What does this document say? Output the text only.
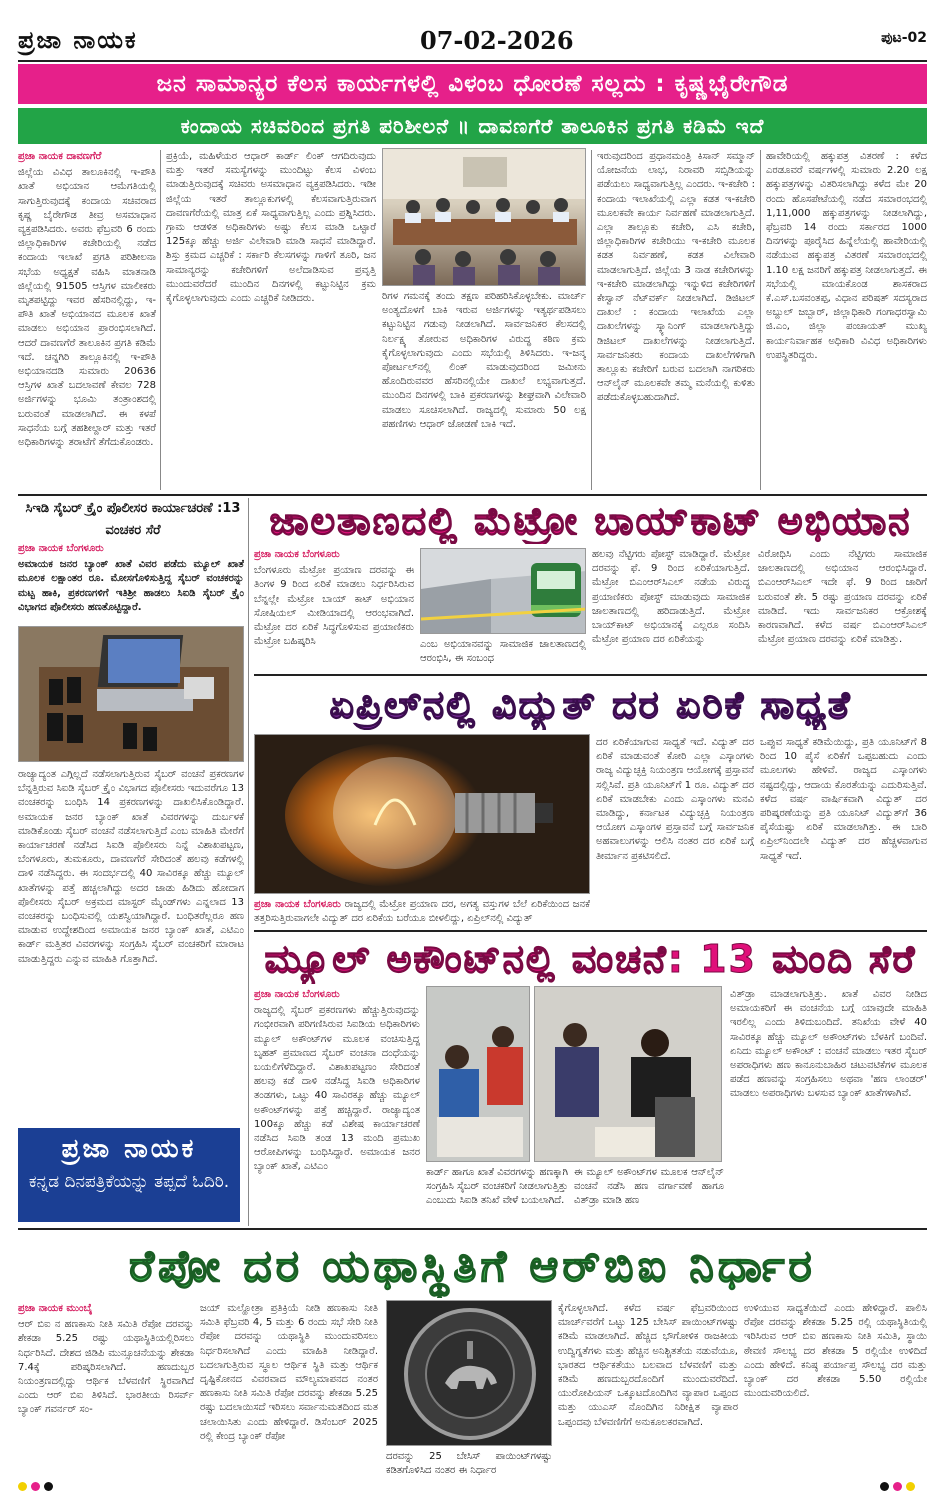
ಪ್ರಜಾ ನಾಯಕ	07-02-2026	ಪುಟ-02
ಜನ ಸಾಮಾನ್ಯರ ಕೆಲಸ ಕಾರ್ಯಗಳಲ್ಲಿ ವಿಳಂಬ ಧೋರಣೆ ಸಲ್ಲದು : ಕೃಷ್ಣಭೈರೇಗೌಡ
ಕಂದಾಯ ಸಚಿವರಿಂದ ಪ್ರಗತಿ ಪರಿಶೀಲನೆ ॥ ದಾವಣಗೆರೆ ತಾಲೂಕಿನ ಪ್ರಗತಿ ಕಡಿಮೆ ಇದೆ
ಪ್ರಜಾ ನಾಯಕ ದಾವಣಗೆರೆ
ಜಿಲ್ಲೆಯ ವಿವಿಧ ತಾಲೂಕಿನಲ್ಲಿ ಇ-ಪೌತಿ ಖಾತೆ ಅಭಿಯಾನ ಆಮೆಗತಿಯಲ್ಲಿ ಸಾಗುತ್ತಿರುವುದಕ್ಕೆ ಕಂದಾಯ ಸಚಿವರಾದ ಕೃಷ್ಣ ಬೈರೇಗೌಡ ತೀವ್ರ ಅಸಮಾಧಾನ ವ್ಯಕ್ತಪಡಿಸಿದರು. ಅವರು ಫೆಬ್ರವರಿ 6 ರಂದು ಜಿಲ್ಲಾಧಿಕಾರಿಗಳ ಕಚೇರಿಯಲ್ಲಿ ನಡೆದ ಕಂದಾಯ ಇಲಾಖೆ ಪ್ರಗತಿ ಪರಿಶೀಲನಾ ಸಭೆಯ ಅಧ್ಯಕ್ಷತೆ ವಹಿಸಿ ಮಾತನಾಡಿ ಜಿಲ್ಲೆಯಲ್ಲಿ 91505 ಆಸ್ತಿಗಳ ಮಾಲೀಕರು ಮೃತಪಟ್ಟಿದ್ದು ಇವರ ಹೆಸರಿನಲ್ಲಿದ್ದು, ಇ-ಪೌತಿ ಖಾತೆ ಅಭಿಯಾನದ ಮೂಲಕ ಖಾತೆ ಮಾಡಲು ಅಭಿಯಾನ ಪ್ರಾರಂಭಿಸಲಾಗಿದೆ. ಆದರೆ ದಾವಣಗೆರೆ ತಾಲೂಕಿನ ಪ್ರಗತಿ ಕಡಿಮೆ ಇದೆ. ಚನ್ನಗಿರಿ ತಾಲ್ಲೂಕಿನಲ್ಲಿ ಇ-ಪೌತಿ ಅಭಿಯಾನದಡಿ ಸುಮಾರು 20636 ಆಸ್ತಿಗಳ ಖಾತೆ ಬದಲಾವಣೆ ಕೇವಲ 728 ಅರ್ಜಿಗಳನ್ನು ಭೂಮಿ ತಂತ್ರಾಂಶದಲ್ಲಿ ಬರುವಂತೆ ಮಾಡಲಾಗಿದೆ. ಈ ಕಳಪೆ ಸಾಧನೆಯ ಬಗ್ಗೆ ತಹಶೀಲ್ದಾರ್ ಮತ್ತು ಇತರೆ ಅಧಿಕಾರಿಗಳನ್ನು ತರಾಟೆಗೆ ತೆಗೆದುಕೊಂಡರು.
ಪ್ರಕ್ರಿಯೆ, ಮಹಿಳೆಯರ ಆಧಾರ್ ಕಾರ್ಡ್ ಲಿಂಕ್ ಆಗದಿರುವುದು ಮತ್ತು ಇತರೆ ಸಮಸ್ಯೆಗಳನ್ನು ಮುಂದಿಟ್ಟು ಕೆಲಸ ವಿಳಂಬ ಮಾಡುತ್ತಿರುವುದಕ್ಕೆ ಸಚಿವರು ಅಸಮಾಧಾನ ವ್ಯಕ್ತಪಡಿಸಿದರು. ಇಡೀ ಜಿಲ್ಲೆಯ ಇತರೆ ತಾಲ್ಲೂಕುಗಳಲ್ಲಿ ಕೆಲಸವಾಗುತ್ತಿರುವಾಗ ದಾವಣಗೆರೆಯಲ್ಲಿ ಮಾತ್ರ ಏಕೆ ಸಾಧ್ಯವಾಗುತ್ತಿಲ್ಲ ಎಂದು ಪ್ರಶ್ನಿಸಿದರು. ಗ್ರಾಮ ಆಡಳಿತ ಅಧಿಕಾರಿಗಳು ಅಷ್ಟು ಕೆಲಸ ಮಾಡಿ ಒಟ್ಟಾರೆ 125ಕ್ಕೂ ಹೆಚ್ಚು ಅರ್ಜಿ ವಿಲೇವಾರಿ ಮಾಡಿ ಸಾಧನೆ ಮಾಡಿದ್ದಾರೆ. ಶಿಸ್ತು ಕ್ರಮದ ಎಚ್ಚರಿಕೆ : ಸರ್ಕಾರಿ ಕೆಲಸಗಳನ್ನು ಗಾಳಿಗೆ ತೂರಿ, ಜನ ಸಾಮಾನ್ಯರನ್ನು ಕಚೇರಿಗಳಿಗೆ ಅಲೆದಾಡಿಸುವ ಪ್ರವೃತ್ತಿ ಮುಂದುವರೆದರೆ ಮುಂದಿನ ದಿನಗಳಲ್ಲಿ ಕಟ್ಟುನಿಟ್ಟಿನ ಕ್ರಮ ಕೈಗೊಳ್ಳಲಾಗುವುದು ಎಂದು ಎಚ್ಚರಿಕೆ ನೀಡಿದರು.	ರಿಗಳ ಗಮನಕ್ಕೆ ತಂದು ತಕ್ಷಣ ಪರಿಹರಿಸಿಕೊಳ್ಳಬೇಕು. ಮಾರ್ಚ್ ಅಂತ್ಯದೊಳಗೆ ಬಾಕಿ ಇರುವ ಅರ್ಜಿಗಳನ್ನು ಇತ್ಯರ್ಥಪಡಿಸಲು ಕಟ್ಟುನಿಟ್ಟಿನ ಗಡುವು ನೀಡಲಾಗಿದೆ. ಸಾರ್ವಜನಿಕರ ಕೆಲಸದಲ್ಲಿ ನಿರ್ಲಕ್ಷ್ಯ ತೋರುವ ಅಧಿಕಾರಿಗಳ ವಿರುದ್ಧ ಕಠಿಣ ಕ್ರಮ ಕೈಗೊಳ್ಳಲಾಗುವುದು ಎಂದು ಸಭೆಯಲ್ಲಿ ತಿಳಿಸಿದರು. ಇ-ಜನ್ಮ ಪೋರ್ಟಲ್‌ನಲ್ಲಿ ಲಿಂಕ್ ಮಾಡುವುದರಿಂದ ಜಮೀನು ಹೊಂದಿರುವವರ ಹೆಸರಿನಲ್ಲಿಯೇ ದಾಖಲೆ ಲಭ್ಯವಾಗುತ್ತದೆ. ಮುಂದಿನ ದಿನಗಳಲ್ಲಿ ಬಾಕಿ ಪ್ರಕರಣಗಳನ್ನು ಶೀಘ್ರವಾಗಿ ವಿಲೇವಾರಿ ಮಾಡಲು ಸೂಚಿಸಲಾಗಿದೆ. ರಾಜ್ಯದಲ್ಲಿ ಸುಮಾರು 50 ಲಕ್ಷ ಪಹಣಿಗಳು ಆಧಾರ್ ಜೋಡಣೆ ಬಾಕಿ ಇದೆ.
ಇರುವುದರಿಂದ ಪ್ರಧಾನಮಂತ್ರಿ ಕಿಸಾನ್ ಸಮ್ಮಾನ್ ಯೋಜನೆಯ ಲಾಭ, ನಿರಾವರಿ ಸಬ್ಸಿಡಿಯನ್ನು ಪಡೆಯಲು ಸಾಧ್ಯವಾಗುತ್ತಿಲ್ಲ ಎಂದರು. ಇ-ಕಚೇರಿ : ಕಂದಾಯ ಇಲಾಖೆಯಲ್ಲಿ ಎಲ್ಲಾ ಕಡತ ಇ-ಕಚೇರಿ ಮೂಲಕವೇ ಕಾರ್ಯ ನಿರ್ವಹಣೆ ಮಾಡಲಾಗುತ್ತಿದೆ. ಎಲ್ಲಾ ತಾಲ್ಲೂಕು ಕಚೇರಿ, ಎಸಿ ಕಚೇರಿ, ಜಿಲ್ಲಾಧಿಕಾರಿಗಳ ಕಚೇರಿಯು ಇ-ಕಚೇರಿ ಮೂಲಕ ಕಡತ ನಿರ್ವಹಣೆ, ಕಡತ ವಿಲೇವಾರಿ ಮಾಡಲಾಗುತ್ತಿದೆ. ಜಿಲ್ಲೆಯ 3 ನಾಡ ಕಚೇರಿಗಳನ್ನು ಇ-ಕಚೇರಿ ಮಾಡಲಾಗಿದ್ದು ಇನ್ನುಳಿದ ಕಚೇರಿಗಳಿಗೆ ಕೇಸ್ವಾನ್ ನೆಟ್‌ವರ್ಕ್ ನೀಡಲಾಗಿದೆ. ಡಿಜಿಟಲ್ ದಾಖಲೆ : ಕಂದಾಯ ಇಲಾಖೆಯ ಎಲ್ಲಾ ದಾಖಲೆಗಳನ್ನು ಸ್ಕ್ಯಾನಿಂಗ್ ಮಾಡಲಾಗುತ್ತಿದ್ದು ಡಿಜಿಟಲ್ ದಾಖಲೆಗಳನ್ನು ನೀಡಲಾಗುತ್ತಿದೆ. ಸಾರ್ವಜನಿಕರು ಕಂದಾಯ ದಾಖಲೆಗಳಿಗಾಗಿ ತಾಲ್ಲೂಕು ಕಚೇರಿಗೆ ಬರುವ ಬದಲಾಗಿ ನಾಗರಿಕರು ಆನ್‌ಲೈನ್ ಮೂಲಕವೇ ತಮ್ಮ ಮನೆಯಲ್ಲಿ ಕುಳಿತು ಪಡೆದುಕೊಳ್ಳಬಹುದಾಗಿದೆ.
ಹಾವೇರಿಯಲ್ಲಿ ಹಕ್ಕುಪತ್ರ ವಿತರಣೆ : ಕಳೆದ ಎರಡೂವರೆ ವರ್ಷಗಳಲ್ಲಿ ಸುಮಾರು 2.20 ಲಕ್ಷ ಹಕ್ಕುಪತ್ರಗಳನ್ನು ವಿತರಿಸಲಾಗಿದ್ದು ಕಳೆದ ಮೇ 20 ರಂದು ಹೊಸಪೇಟೆಯಲ್ಲಿ ನಡೆದ ಸಮಾರಂಭದಲ್ಲಿ 1,11,000 ಹಕ್ಕುಪತ್ರಗಳನ್ನು ನೀಡಲಾಗಿದ್ದು, ಫೆಬ್ರವರಿ 14 ರಂದು ಸರ್ಕಾರದ 1000 ದಿನಗಳನ್ನು ಪೂರೈಸಿದ ಹಿನ್ನೆಲೆಯಲ್ಲಿ ಹಾವೇರಿಯಲ್ಲಿ ನಡೆಯುವ ಹಕ್ಕುಪತ್ರ ವಿತರಣೆ ಸಮಾರಂಭದಲ್ಲಿ 1.10 ಲಕ್ಷ ಜನರಿಗೆ ಹಕ್ಕುಪತ್ರ ನೀಡಲಾಗುತ್ತದೆ. ಈ ಸಭೆಯಲ್ಲಿ ಮಾಯಕೊಂಡ ಶಾಸಕರಾದ ಕೆ.ಎಸ್.ಬಸವಂತಪ್ಪ, ವಿಧಾನ ಪರಿಷತ್ ಸದಸ್ಯರಾದ ಅಬ್ದುಲ್ ಜಬ್ಬಾರ್, ಜಿಲ್ಲಾಧಿಕಾರಿ ಗಂಗಾಧರಸ್ವಾಮಿ ಜಿ.ಎಂ, ಜಿಲ್ಲಾ ಪಂಚಾಯತ್ ಮುಖ್ಯ ಕಾರ್ಯನಿರ್ವಾಹಕ ಅಧಿಕಾರಿ ವಿವಿಧ ಅಧಿಕಾರಿಗಳು ಉಪಸ್ಥಿತರಿದ್ದರು.
ಸಿಇಡಿ ಸೈಬರ್ ಕ್ರೈಂ ಪೊಲೀಸರ ಕಾರ್ಯಾಚರಣೆ :13 ವಂಚಕರ ಸೆರೆ
ಪ್ರಜಾ ನಾಯಕ ಬೆಂಗಳೂರು
ಅಮಾಯಕ ಜನರ ಬ್ಯಾಂಕ್ ಖಾತೆ ವಿವರ ಪಡೆದು ಮ್ಯೂಲ್ ಖಾತೆ ಮೂಲಕ ಲಕ್ಷಾಂತರ ರೂ. ಮೋಸಗೊಳಿಸುತ್ತಿದ್ದ ಸೈಬರ್ ವಂಚಕರನ್ನು ಮಟ್ಟ ಹಾಕಿ, ಪ್ರಕರಣಗಳಿಗೆ ಇತಿಶ್ರೀ ಹಾಡಲು ಸಿಐಡಿ ಸೈಬರ್ ಕ್ರೈಂ ವಿಭಾಗದ ಪೊಲೀಸರು ಹಣತೊಟ್ಟಿದ್ದಾರೆ.
ರಾಜ್ಯಾದ್ಯಂತ ಎಗ್ಗಿಲ್ಲದೆ ನಡೆಸಲಾಗುತ್ತಿರುವ ಸೈಬರ್ ವಂಚನೆ ಪ್ರಕರಣಗಳ ಬೆನ್ನತ್ತಿರುವ ಸಿಐಡಿ ಸೈಬರ್ ಕ್ರೈಂ ವಿಭಾಗದ ಪೊಲೀಸರು ಇದುವರೆಗೂ 13 ವಂಚಕರನ್ನು ಬಂಧಿಸಿ 14 ಪ್ರಕರಣಗಳನ್ನು ದಾಖಲಿಸಿಕೊಂಡಿದ್ದಾರೆ. ಅಮಾಯಕ ಜನರ ಬ್ಯಾಂಕ್ ಖಾತೆ ವಿವರಗಳನ್ನು ದುರ್ಬಳಕೆ ಮಾಡಿಕೊಂಡು ಸೈಬರ್ ವಂಚನೆ ನಡೆಸಲಾಗುತ್ತಿದೆ ಎಂಬ ಮಾಹಿತಿ ಮೇರೆಗೆ ಕಾರ್ಯಾಚರಣೆ ನಡೆಸಿದ ಸಿಐಡಿ ಪೊಲೀಸರು ನಿನ್ನೆ ವಿಶಾಖಪಟ್ಟಣ, ಬೆಂಗಳೂರು, ತುಮಕೂರು, ದಾವಣಗೆರೆ ಸೇರಿದಂತೆ ಹಲವು ಕಡೆಗಳಲ್ಲಿ ದಾಳಿ ನಡೆಸಿದ್ದರು. ಈ ಸಂದರ್ಭದಲ್ಲಿ 40 ಸಾವಿರಕ್ಕೂ ಹೆಚ್ಚು ಮ್ಯೂಲ್ ಖಾತೆಗಳನ್ನು ಪತ್ತೆ ಹಚ್ಚಲಾಗಿದ್ದು ಅದರ ಜಾಡು ಹಿಡಿದು ಹೋದಾಗ ಪೊಲೀಸರು ಸೈಬರ್ ಅಕ್ರಮದ ಮಾಸ್ಟರ್ ಮೈಂಡ್‌ಗಳು ಎನ್ನಲಾದ 13 ವಂಚಕರನ್ನು ಬಂಧಿಸುವಲ್ಲಿ ಯಶಸ್ವಿಯಾಗಿದ್ದಾರೆ. ಬಂಧಿತರೆಲ್ಲರೂ ಹಣ ಮಾಡುವ ಉದ್ದೇಶದಿಂದ ಅಮಾಯಕ ಜನರ ಬ್ಯಾಂಕ್ ಖಾತೆ, ಎಟಿಎಂ ಕಾರ್ಡ್ ಮತ್ತಿತರ ವಿವರಗಳನ್ನು ಸಂಗ್ರಹಿಸಿ ಸೈಬರ್ ವಂಚಕರಿಗೆ ಮಾರಾಟ ಮಾಡುತ್ತಿದ್ದರು ಎನ್ನುವ ಮಾಹಿತಿ ಗೊತ್ತಾಗಿದೆ.
ಪ್ರಜಾ ನಾಯಕ
ಕನ್ನಡ ದಿನಪತ್ರಿಕೆಯನ್ನು ತಪ್ಪದೆ ಓದಿರಿ.
ಜಾಲತಾಣದಲ್ಲಿ ಮೆಟ್ರೋ ಬಾಯ್‌ಕಾಟ್ ಅಭಿಯಾನ
ಪ್ರಜಾ ನಾಯಕ ಬೆಂಗಳೂರು
ಬೆಂಗಳೂರು ಮೆಟ್ರೋ ಪ್ರಯಾಣ ದರವನ್ನು ಈ ತಿಂಗಳ 9 ರಿಂದ ಏರಿಕೆ ಮಾಡಲು ನಿರ್ಧರಿಸಿರುವ ಬೆನ್ನಲ್ಲೇ ಮೆಟ್ರೋ ಬಾಯ್ ಕಾಟ್ ಅಭಿಯಾನ ಸೋಷಿಯಲ್ ಮೀಡಿಯಾದಲ್ಲಿ ಆರಂಭವಾಗಿದೆ. ಮೆಟ್ರೋ ದರ ಏರಿಕೆ ಸಿದ್ಧಗೊಳಿಸುವ ಪ್ರಯಾಣಿಕರು ಮೆಟ್ರೋ ಬಹಿಷ್ಕರಿಸಿ	ಎಂಬ ಅಭಿಯಾನವನ್ನು ಸಾಮಾಜಿಕ ಜಾಲತಾಣದಲ್ಲಿ ಆರಂಭಿಸಿ, ಈ ಸಂಬಂಧ
ಹಲವು ನೆಟ್ಟಿಗರು ಪೋಸ್ಟ್ ಮಾಡಿದ್ದಾರೆ. ಮೆಟ್ರೋ ದರವನ್ನು ಫೆ. 9 ರಿಂದ ಏರಿಕೆಯಾಗುತ್ತಿದೆ. ಮೆಟ್ರೋ ಬಿಎಂಆರ್‌ಸಿಎಲ್ ನಡೆಯ ವಿರುದ್ಧ ಪ್ರಯಾಣಿಕರು ಪೋಸ್ಟ್ ಮಾಡುವುದು ಸಾಮಾಜಿಕ ಜಾಲತಾಣದಲ್ಲಿ ಹರಿದಾಡುತ್ತಿದೆ. ಮೆಟ್ರೋ ಬಾಯ್‌ಕಾಟ್ ಅಭಿಯಾನಕ್ಕೆ ಎಲ್ಲರೂ ಸಂದಿಸಿ ಮೆಟ್ರೋ ಪ್ರಯಾಣ ದರ ಏರಿಕೆಯನ್ನು
ವಿರೋಧಿಸಿ ಎಂದು ನೆಟ್ಟಿಗರು ಸಾಮಾಜಿಕ ಜಾಲತಾಣದಲ್ಲಿ ಅಭಿಯಾನ ಆರಂಭಿಸಿದ್ದಾರೆ. ಬಿಎಂಆರ್‌ಸಿಎಲ್ ಇದೇ ಫೆ. 9 ರಿಂದ ಜಾರಿಗೆ ಬರುವಂತೆ ಶೇ. 5 ರಷ್ಟು ಪ್ರಯಾಣ ದರವನ್ನು ಏರಿಕೆ ಮಾಡಿದೆ. ಇದು ಸಾರ್ವಜನಿಕರ ಆಕ್ರೋಶಕ್ಕೆ ಕಾರಣವಾಗಿದೆ. ಕಳೆದ ವರ್ಷ ಬಿಎಂಆರ್‌ಸಿಎಲ್ ಮೆಟ್ರೋ ಪ್ರಯಾಣ ದರವನ್ನು ಏರಿಕೆ ಮಾಡಿತ್ತು.
ಏಪ್ರಿಲ್‌ನಲ್ಲಿ ವಿದ್ಯುತ್ ದರ ಏರಿಕೆ ಸಾಧ್ಯತೆ
ಪ್ರಜಾ ನಾಯಕ ಬೆಂಗಳೂರು ರಾಜ್ಯದಲ್ಲಿ ಮೆಟ್ರೋ ಪ್ರಯಾಣ ದರ, ಅಗತ್ಯ ವಸ್ತುಗಳ ಬೆಲೆ ಏರಿಕೆಯಿಂದ ಜನಕೆ ತತ್ತರಿಸುತ್ತಿರುವಾಗಲೇ ವಿದ್ಯುತ್ ದರ ಏರಿಕೆಯ ಬರೆಯೂ ಬೀಳಲಿದ್ದು, ಏಪ್ರಿಲ್‌ನಲ್ಲಿ ವಿದ್ಯುತ್
ದರ ಏರಿಕೆಯಾಗುವ ಸಾಧ್ಯತೆ ಇದೆ. ವಿದ್ಯುತ್ ದರ ಏರಿಕೆ ಮಾಡುವಂತೆ ಕೋರಿ ಎಲ್ಲಾ ಎಸ್ಕಾಂಗಳು ರಾಜ್ಯ ವಿದ್ಯುಚ್ಛಕ್ತಿ ನಿಯಂತ್ರಣ ಆಯೋಗಕ್ಕೆ ಪ್ರಸ್ತಾವನೆ ಸಲ್ಲಿಸಿವೆ. ಪ್ರತಿ ಯೂನಿಟ್‌ಗೆ 1 ರೂ. ವಿದ್ಯುತ್ ದರ ಏರಿಕೆ ಮಾಡಬೇಕು ಎಂದು ಎಸ್ಕಾಂಗಳು ಮನವಿ ಮಾಡಿದ್ದು, ಕರ್ನಾಟಕ ವಿದ್ಯುಚ್ಛಕ್ತಿ ನಿಯಂತ್ರಣ ಆಯೋಗ ಎಸ್ಕಾಂಗಳ ಪ್ರಸ್ತಾವನೆ ಬಗ್ಗೆ ಸಾರ್ವಜನಿಕ ಅಹವಾಲುಗಳನ್ನು ಆಲಿಸಿ ನಂತರ ದರ ಏರಿಕೆ ಬಗ್ಗೆ ತೀರ್ಮಾನ ಪ್ರಕಟಿಸಲಿದೆ.
ಒಪ್ಪುವ ಸಾಧ್ಯತೆ ಕಡಿಮೆಯಿದ್ದು, ಪ್ರತಿ ಯೂನಿಟ್‌ಗೆ 8 ರಿಂದ 10 ಪೈಸೆ ಏರಿಕೆಗೆ ಒಪ್ಪಬಹುದು ಎಂದು ಮೂಲಗಳು ಹೇಳಿವೆ. ರಾಜ್ಯದ ಎಸ್ಕಾಂಗಳು ನಷ್ಟದಲ್ಲಿದ್ದು, ಆದಾಯ ಕೊರತೆಯನ್ನು ಎದುರಿಸುತ್ತಿವೆ. ಕಳೆದ ವರ್ಷ ವಾರ್ಷಿಕವಾಗಿ ವಿದ್ಯುತ್ ದರ ಪರಿಷ್ಕರಣೆಯನ್ನು ಪ್ರತಿ ಯೂನಿಟ್ ವಿದ್ಯುತ್‌ಗೆ 36 ಪೈಸೆಯಷ್ಟು ಏರಿಕೆ ಮಾಡಲಾಗಿತ್ತು. ಈ ಬಾರಿ ಏಪ್ರಿಲ್‌ನಿಂದಲೇ ವಿದ್ಯುತ್ ದರ ಹೆಚ್ಚಳವಾಗುವ ಸಾಧ್ಯತೆ ಇದೆ.
ಮ್ಯೂಲ್ ಅಕೌಂಟ್‌ನಲ್ಲಿ ವಂಚನೆ: 13 ಮಂದಿ ಸೆರೆ
ಪ್ರಜಾ ನಾಯಕ ಬೆಂಗಳೂರು
ರಾಜ್ಯದಲ್ಲಿ ಸೈಬರ್ ಪ್ರಕರಣಗಳು ಹೆಚ್ಚುತ್ತಿರುವುದನ್ನು ಗಂಭೀರವಾಗಿ ಪರಿಗಣಿಸಿರುವ ಸಿಐಡಿಯ ಅಧಿಕಾರಿಗಳು ಮ್ಯೂಲ್ ಅಕೌಂಟ್‌ಗಳ ಮೂಲಕ ವಂಚಿಸುತ್ತಿದ್ದ ಬೃಹತ್ ಪ್ರಮಾಣದ ಸೈಬರ್ ವಂಚನಾ ದಂಧೆಯನ್ನು ಬಯಲಿಗೆಳೆದಿದ್ದಾರೆ. ವಿಶಾಖಪಟ್ಟಣಂ ಸೇರಿದಂತೆ ಹಲವು ಕಡೆ ದಾಳಿ ನಡೆಸಿದ್ದ ಸಿಐಡಿ ಅಧಿಕಾರಿಗಳ ತಂಡಗಳು, ಒಟ್ಟು 40 ಸಾವಿರಕ್ಕೂ ಹೆಚ್ಚು ಮ್ಯೂಲ್ ಅಕೌಂಟ್‌ಗಳನ್ನು ಪತ್ತೆ ಹಚ್ಚಿದ್ದಾರೆ. ರಾಜ್ಯಾದ್ಯಂತ 100ಕ್ಕೂ ಹೆಚ್ಚು ಕಡೆ ವಿಶೇಷ ಕಾರ್ಯಾಚರಣೆ ನಡೆಸಿದ ಸಿಐಡಿ ತಂಡ 13 ಮಂದಿ ಪ್ರಮುಖ ಆರೋಪಿಗಳನ್ನು ಬಂಧಿಸಿದ್ದಾರೆ. ಅಮಾಯಕ ಜನರ ಬ್ಯಾಂಕ್ ಖಾತೆ, ಎಟಿಎಂ
ಕಾರ್ಡ್ ಹಾಗೂ ಖಾತೆ ವಿವರಗಳನ್ನು ಹಣಕ್ಕಾಗಿ ಸಂಗ್ರಹಿಸಿ ಸೈಬರ್ ವಂಚಕರಿಗೆ ನೀಡಲಾಗುತ್ತಿತ್ತು ಎಂಬುದು ಸಿಐಡಿ ತನಿಖೆ ವೇಳೆ ಬಯಲಾಗಿದೆ.
ಈ ಮ್ಯೂಲ್ ಅಕೌಂಟ್‌ಗಳ ಮೂಲಕ ಆನ್‌ಲೈನ್ ವಂಚನೆ ನಡೆಸಿ ಹಣ ವರ್ಗಾವಣೆ ಹಾಗೂ ವಿತ್‌ಡ್ರಾ ಮಾಡಿ ಹಣ
ವಿತ್‌ಡ್ರಾ ಮಾಡಲಾಗುತ್ತಿತ್ತು. ಖಾತೆ ವಿವರ ನೀಡಿದ ಅಮಾಯಕರಿಗೆ ಈ ವಂಚನೆಯ ಬಗ್ಗೆ ಯಾವುದೇ ಮಾಹಿತಿ ಇರಲಿಲ್ಲ ಎಂದು ತಿಳಿದುಬಂದಿದೆ. ತನಿಖೆಯ ವೇಳೆ 40 ಸಾವಿರಕ್ಕೂ ಹೆಚ್ಚು ಮ್ಯೂಲ್ ಅಕೌಂಟ್‌ಗಳು ಬೆಳಕಿಗೆ ಬಂದಿವೆ. ಏನಿದು ಮ್ಯೂಲ್ ಅಕೌಂಟ್ : ವಂಚನೆ ಮಾಡಲು ಇತರ ಸೈಬರ್ ಅಪರಾಧಿಗಳು ಹಣ ಕಾನೂನುಬಾಹಿರ ಚಟುವಟಿಕೆಗಳ ಮೂಲಕ ಪಡೆದ ಹಣವನ್ನು ಸಂಗ್ರಹಿಸಲು ಅಥವಾ 'ಹಣ ಲಾಂಡರ್' ಮಾಡಲು ಅಪರಾಧಿಗಳು ಬಳಸುವ ಬ್ಯಾಂಕ್ ಖಾತೆಗಳಾಗಿವೆ.
ರೆಪೋ ದರ ಯಥಾಸ್ಥಿತಿಗೆ ಆರ್‌ಬಿಐ ನಿರ್ಧಾರ
ಪ್ರಜಾ ನಾಯಕ ಮುಂಬೈ
ಆರ್ ಬಿಐ ನ ಹಣಕಾಸು ನೀತಿ ಸಮಿತಿ ರೆಪೋ ದರವನ್ನು ಶೇಕಡಾ 5.25 ರಷ್ಟು ಯಥಾಸ್ಥಿತಿಯಲ್ಲಿರಿಸಲು ನಿರ್ಧರಿಸಿದೆ. ದೇಶದ ಜಿಡಿಪಿ ಮುನ್ಸೂಚನೆಯನ್ನು ಶೇಕಡಾ 7.4ಕ್ಕೆ ಪರಿಷ್ಕರಿಸಲಾಗಿದೆ. ಹಣದುಬ್ಬರ ನಿಯಂತ್ರಣದಲ್ಲಿದ್ದು ಆರ್ಥಿಕ ಬೆಳವಣಿಗೆ ಸ್ಥಿರವಾಗಿದೆ ಎಂದು ಆರ್ ಬಿಐ ತಿಳಿಸಿದೆ. ಭಾರತೀಯ ರಿಸರ್ವ್ ಬ್ಯಾಂಕ್ ಗವರ್ನರ್ ಸಂ-
ಜಯ್ ಮಲ್ಹೋತ್ರಾ ಪ್ರತಿಕ್ರಿಯೆ ನೀಡಿ ಹಣಕಾಸು ನೀತಿ ಸಮಿತಿ ಫೆಬ್ರವರಿ 4, 5 ಮತ್ತು 6 ರಂದು ಸಭೆ ಸೇರಿ ನೀತಿ ರೆಪೋ ದರವನ್ನು ಯಥಾಸ್ಥಿತಿ ಮುಂದುವರಿಸಲು ನಿರ್ಧರಿಸಲಾಗಿದೆ ಎಂದು ಮಾಹಿತಿ ನೀಡಿದ್ದಾರೆ. ಬದಲಾಗುತ್ತಿರುವ ಸ್ಥೂಲ ಆರ್ಥಿಕ ಸ್ಥಿತಿ ಮತ್ತು ಆರ್ಥಿಕ ದೃಷ್ಟಿಕೋನದ ವಿವರವಾದ ಮೌಲ್ಯಮಾಪನದ ನಂತರ ಹಣಕಾಸು ನೀತಿ ಸಮಿತಿ ರೆಪೋ ದರವನ್ನು ಶೇಕಡಾ 5.25 ರಷ್ಟು ಬದಲಾಯಿಸದೆ ಇರಿಸಲು ಸರ್ವಾನುಮತದಿಂದ ಮತ ಚಲಾಯಿಸಿತು ಎಂದು ಹೇಳಿದ್ದಾರೆ. ಡಿಸೆಂಬರ್ 2025 ರಲ್ಲಿ ಕೇಂದ್ರ ಬ್ಯಾಂಕ್ ರೆಪೋ
ದರವನ್ನು 25 ಬೇಸಿಸ್ ಪಾಯಿಂಟ್‌ಗಳಷ್ಟು ಕಡಿತಗೊಳಿಸಿದ ನಂತರ ಈ ನಿರ್ಧಾರ
ಕೈಗೊಳ್ಳಲಾಗಿದೆ. ಕಳೆದ ವರ್ಷ ಫೆಬ್ರವರಿಯಿಂದ ಮಾರ್ಚ್‌ವರೆಗೆ ಒಟ್ಟು 125 ಬೇಸಿಸ್ ಪಾಯಿಂಟ್‌ಗಳಷ್ಟು ಕಡಿಮೆ ಮಾಡಲಾಗಿದೆ. ಹೆಚ್ಚಿದ ಭೌಗೋಳಿಕ ರಾಜಕೀಯ ಉದ್ವಿಗ್ನತೆಗಳು ಮತ್ತು ಹೆಚ್ಚಿನ ಅನಿಶ್ಚಿತತೆಯ ನಡುವೆಯೂ, ಭಾರತದ ಆರ್ಥಿಕತೆಯು ಬಲವಾದ ಬೆಳವಣಿಗೆ ಮತ್ತು ಕಡಿಮೆ ಹಣದುಬ್ಬರದೊಂದಿಗೆ ಮುಂದುವರೆದಿದೆ. ಯುರೋಪಿಯನ್ ಒಕ್ಕೂಟದೊಂದಿಗಿನ ವ್ಯಾಪಾರ ಒಪ್ಪಂದ ಮತ್ತು ಯುಎಸ್ ನೊಂದಿಗಿನ ನಿರೀಕ್ಷಿತ ವ್ಯಾಪಾರ ಒಪ್ಪಂದವು ಬೆಳವಣಿಗೆಗೆ ಅನುಕೂಲಕರವಾಗಿದೆ.
ಉಳಿಯುವ ಸಾಧ್ಯತೆಯಿದೆ ಎಂದು ಹೇಳಿದ್ದಾರೆ. ಪಾಲಿಸಿ ರೆಪೋ ದರವನ್ನು ಶೇಕಡಾ 5.25 ರಲ್ಲಿ ಯಥಾಸ್ಥಿತಿಯಲ್ಲಿ ಇರಿಸಿರುವ ಆರ್ ಬಿಐ ಹಣಕಾಸು ನೀತಿ ಸಮಿತಿ, ಸ್ಥಾಯಿ ಠೇವಣಿ ಸೌಲಭ್ಯ ದರ ಶೇಕಡಾ 5 ರಲ್ಲಿಯೇ ಉಳಿದಿದೆ ಎಂದು ಹೇಳಿದೆ. ಕನಿಷ್ಠ ಪರ್ಯಾಪ್ತ ಸೌಲಭ್ಯ ದರ ಮತ್ತು ಬ್ಯಾಂಕ್ ದರ ಶೇಕಡಾ 5.50 ರಲ್ಲಿಯೇ ಮುಂದುವರಿಯಲಿದೆ.
